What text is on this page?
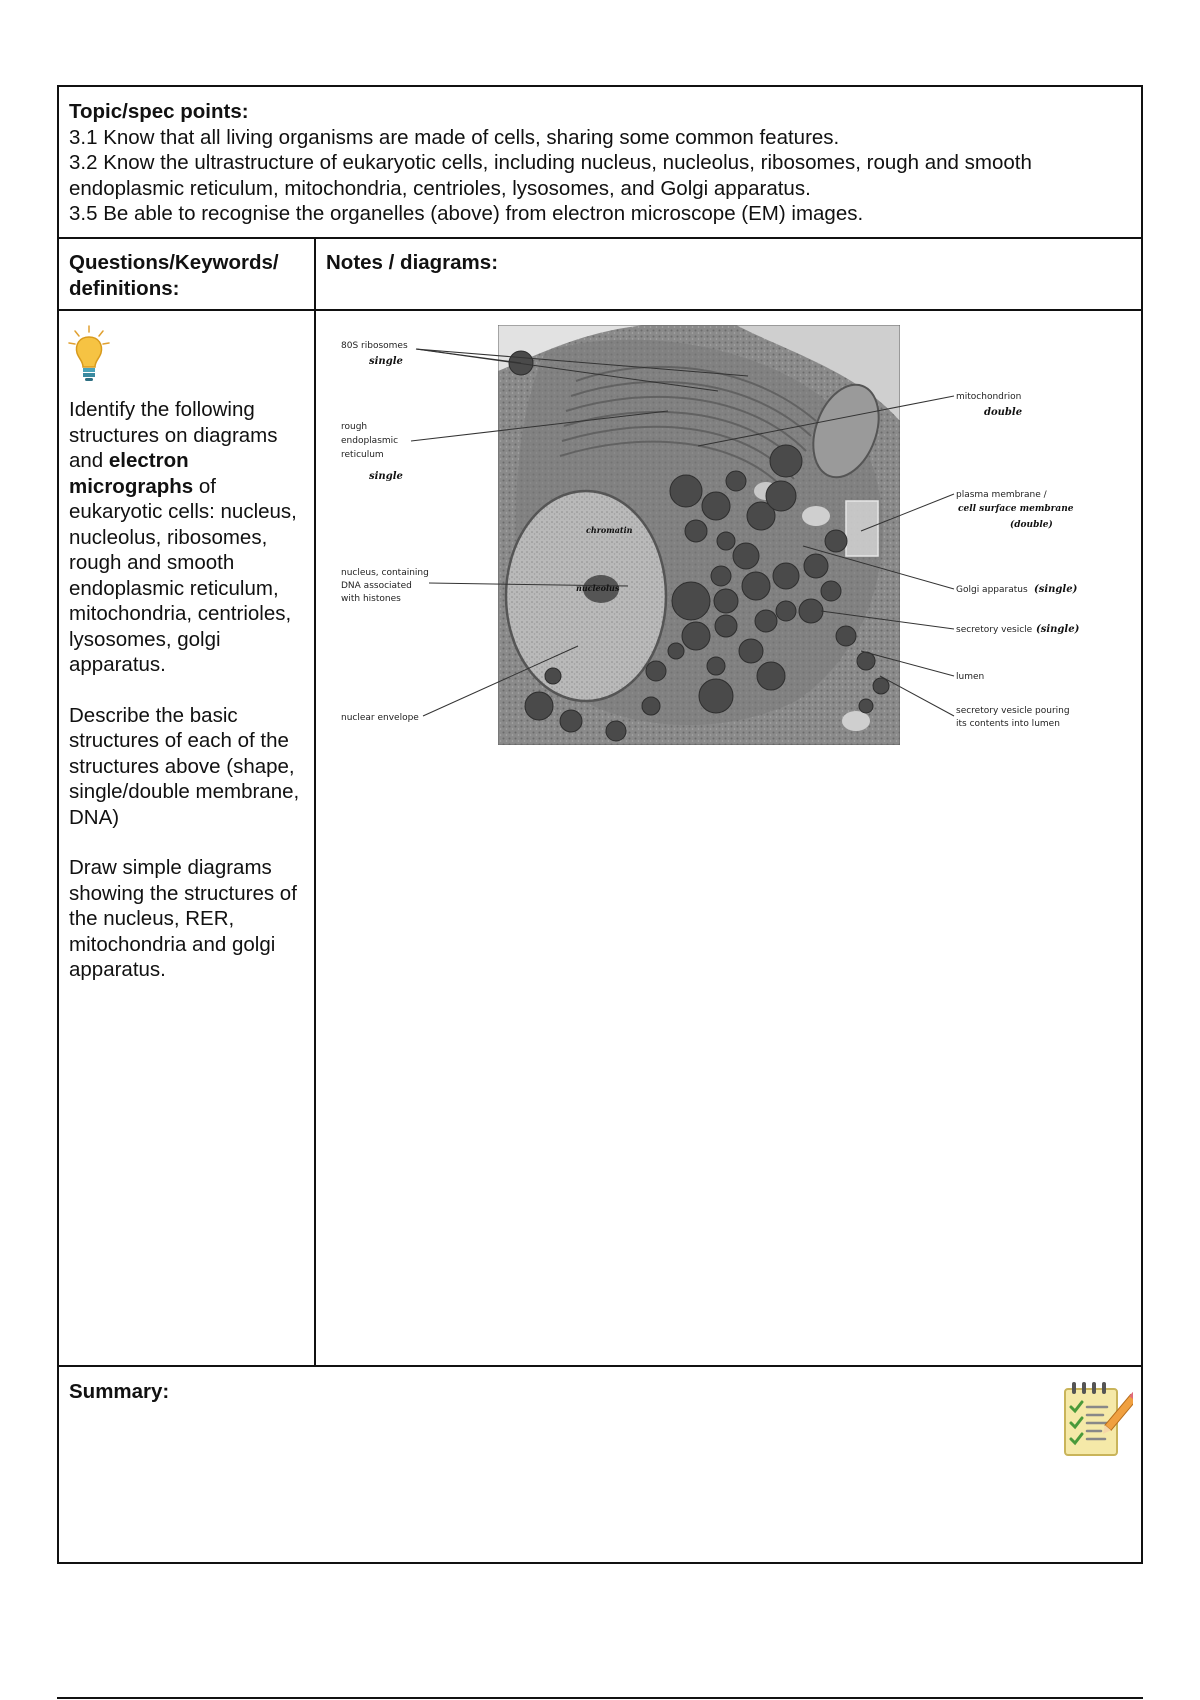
Topic/spec points:
3.1 Know that all living organisms are made of cells, sharing some common features.
3.2 Know the ultrastructure of eukaryotic cells, including nucleus, nucleolus, ribosomes, rough and smooth endoplasmic reticulum, mitochondria, centrioles, lysosomes, and Golgi apparatus.
3.5 Be able to recognise the organelles (above) from electron microscope (EM) images.
Questions/Keywords/ definitions:
Notes / diagrams:

Identify the following structures on diagrams and electron micrographs of eukaryotic cells: nucleus, nucleolus, ribosomes, rough and smooth endoplasmic reticulum, mitochondria, centrioles, lysosomes, golgi apparatus.

Describe the basic structures of each of the structures above (shape, single/double membrane, DNA)

Draw simple diagrams showing the structures of the nucleus, RER, mitochondria and golgi apparatus.

80S ribosomes
single
rough
endoplasmic
reticulum
single
nucleus, containing
DNA associated
with histones
nuclear envelope
chromatin
nucleolus
mitochondrion
double
plasma membrane /
cell surface membrane
(double)
Golgi apparatus (single)
secretory vesicle (single)
lumen
secretory vesicle pouring
its contents into lumen
Summary:
